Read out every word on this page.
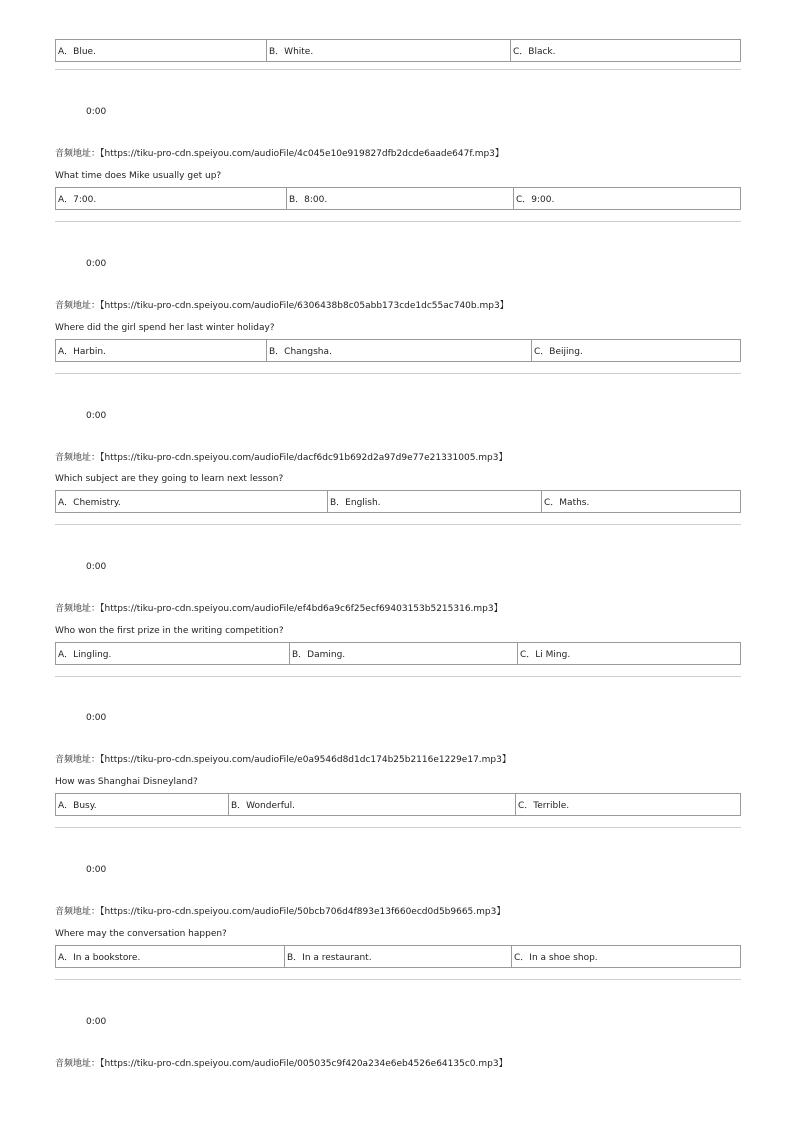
A．Blue.	B．White.	C．Black.
0:00
音频地址：【https://tiku-pro-cdn.speiyou.com/audioFile/4c045e10e919827dfb2dcde6aade647f.mp3】
What time does Mike usually get up?
A．7:00.	B．8:00.	C．9:00.
0:00
音频地址：【https://tiku-pro-cdn.speiyou.com/audioFile/6306438b8c05abb173cde1dc55ac740b.mp3】
Where did the girl spend her last winter holiday?
A．Harbin.	B．Changsha.	C．Beijing.
0:00
音频地址：【https://tiku-pro-cdn.speiyou.com/audioFile/dacf6dc91b692d2a97d9e77e21331005.mp3】
Which subject are they going to learn next lesson?
A．Chemistry.	B．English.	C．Maths.
0:00
音频地址：【https://tiku-pro-cdn.speiyou.com/audioFile/ef4bd6a9c6f25ecf69403153b5215316.mp3】
Who won the first prize in the writing competition?
A．Lingling.	B．Daming.	C．Li Ming.
0:00
音频地址：【https://tiku-pro-cdn.speiyou.com/audioFile/e0a9546d8d1dc174b25b2116e1229e17.mp3】
How was Shanghai Disneyland?
A．Busy.	B．Wonderful.	C．Terrible.
0:00
音频地址：【https://tiku-pro-cdn.speiyou.com/audioFile/50bcb706d4f893e13f660ecd0d5b9665.mp3】
Where may the conversation happen?
A．In a bookstore.	B．In a restaurant.	C．In a shoe shop.
0:00
音频地址：【https://tiku-pro-cdn.speiyou.com/audioFile/005035c9f420a234e6eb4526e64135c0.mp3】
